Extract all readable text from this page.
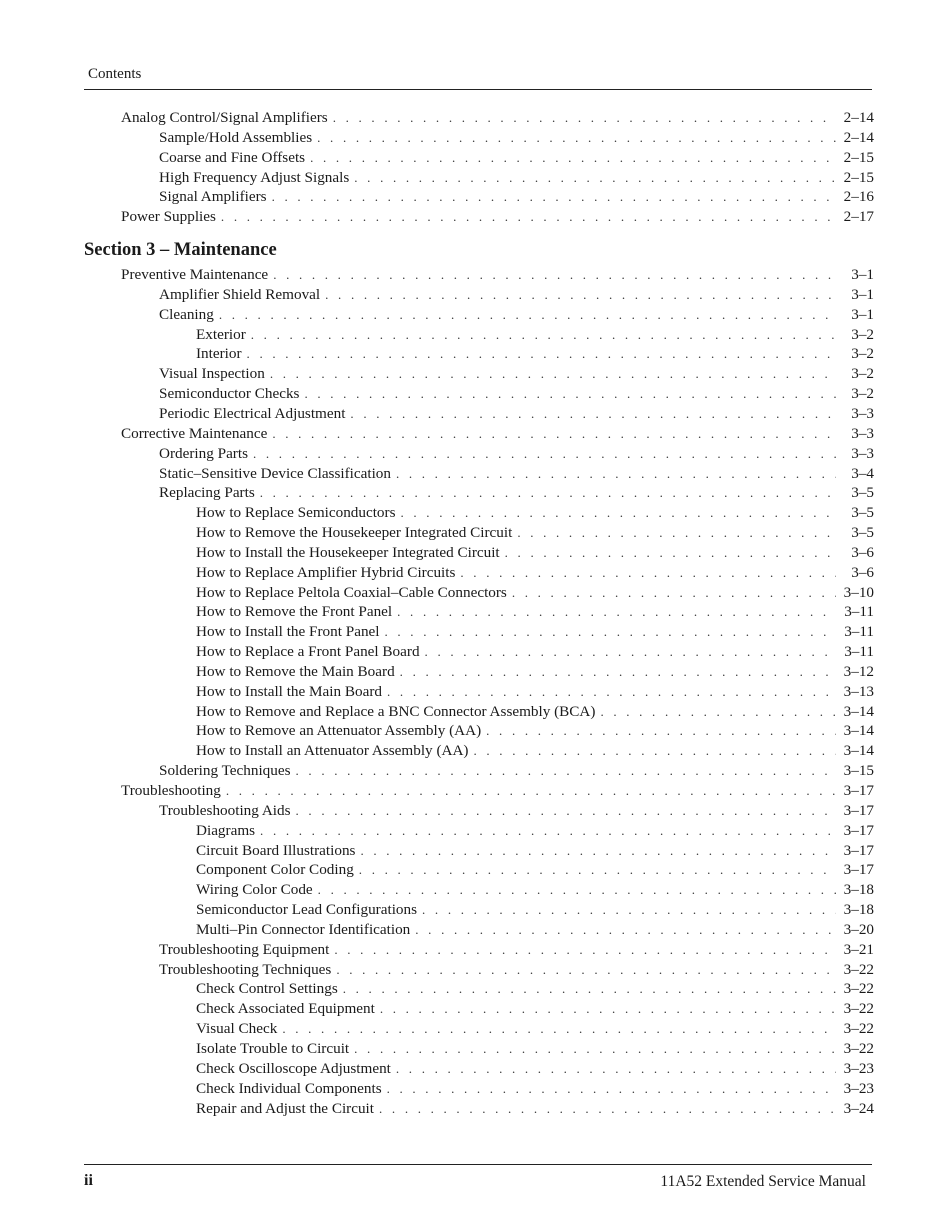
Contents
Analog Control/Signal Amplifiers . . .	2–14
Sample/Hold Assemblies . . .	2–14
Coarse and Fine Offsets . . .	2–15
High Frequency Adjust Signals . . .	2–15
Signal Amplifiers . . .	2–16
Power Supplies . . .	2–17
Section 3 – Maintenance
Preventive Maintenance . . .	3–1
Amplifier Shield Removal . . .	3–1
Cleaning . . .	3–1
Exterior . . .	3–2
Interior . . .	3–2
Visual Inspection . . .	3–2
Semiconductor Checks . . .	3–2
Periodic Electrical Adjustment . . .	3–3
Corrective Maintenance . . .	3–3
Ordering Parts . . .	3–3
Static–Sensitive Device Classification . . .	3–4
Replacing Parts . . .	3–5
How to Replace Semiconductors . . .	3–5
How to Remove the Housekeeper Integrated Circuit . . .	3–5
How to Install the Housekeeper Integrated Circuit . . .	3–6
How to Replace Amplifier Hybrid Circuits . . .	3–6
How to Replace Peltola Coaxial–Cable Connectors . . .	3–10
How to Remove the Front Panel . . .	3–11
How to Install the Front Panel . . .	3–11
How to Replace a Front Panel Board . . .	3–11
How to Remove the Main Board . . .	3–12
How to Install the Main Board . . .	3–13
How to Remove and Replace a BNC Connector Assembly (BCA) . . .	3–14
How to Remove an Attenuator Assembly (AA) . . .	3–14
How to Install an Attenuator Assembly (AA) . . .	3–14
Soldering Techniques . . .	3–15
Troubleshooting . . .	3–17
Troubleshooting Aids . . .	3–17
Diagrams . . .	3–17
Circuit Board Illustrations . . .	3–17
Component Color Coding . . .	3–17
Wiring Color Code . . .	3–18
Semiconductor Lead Configurations . . .	3–18
Multi–Pin Connector Identification . . .	3–20
Troubleshooting Equipment . . .	3–21
Troubleshooting Techniques . . .	3–22
Check Control Settings . . .	3–22
Check Associated Equipment . . .	3–22
Visual Check . . .	3–22
Isolate Trouble to Circuit . . .	3–22
Check Oscilloscope Adjustment . . .	3–23
Check Individual Components . . .	3–23
Repair and Adjust the Circuit . . .	3–24
ii	11A52 Extended Service Manual
